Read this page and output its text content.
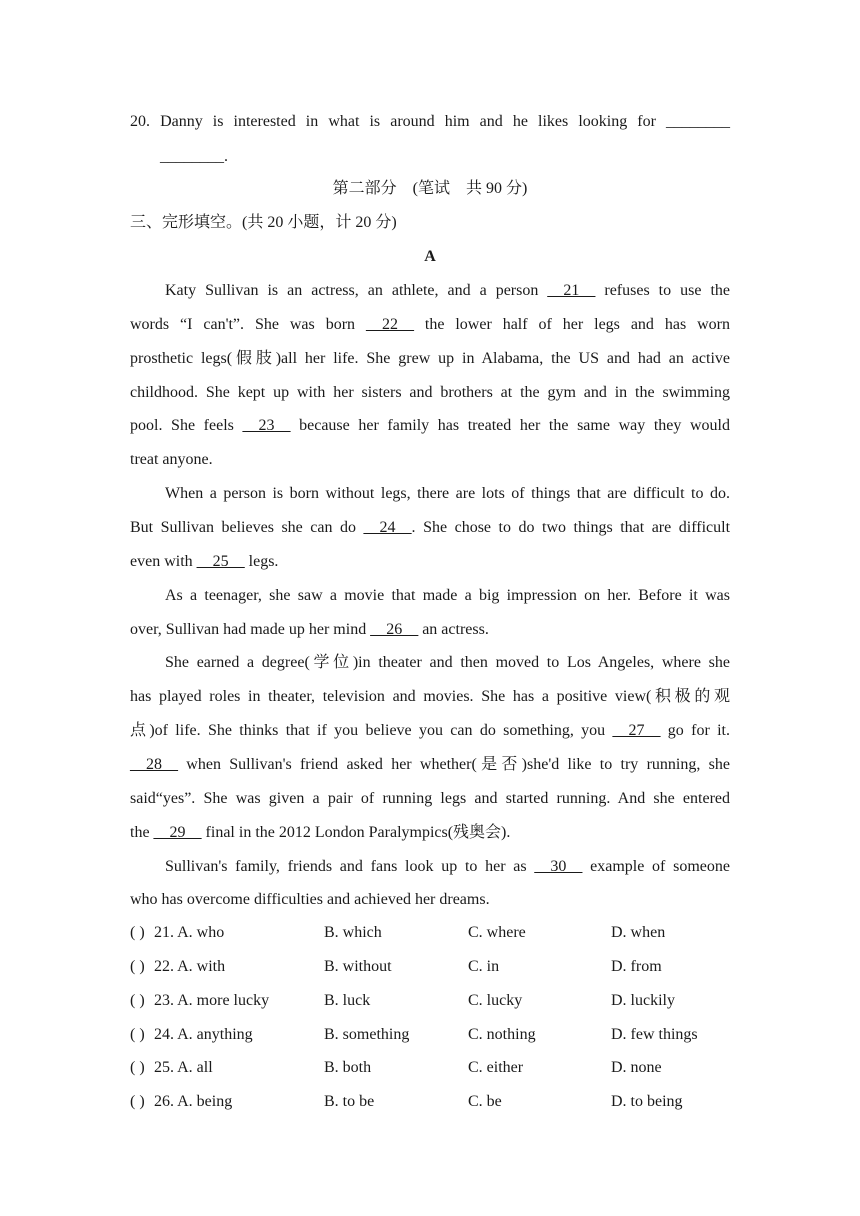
20. Danny is interested in what is around him and he likes looking for ________
________.
第二部分　(笔试　共 90 分)
三、完形填空。(共 20 小题，计 20 分)
A
Katy Sullivan is an actress, an athlete, and a person __21__ refuses to use the
words “I can't”. She was born __22__ the lower half of her legs and has worn
prosthetic legs(假肢)all her life. She grew up in Alabama, the US and had an active
childhood. She kept up with her sisters and brothers at the gym and in the swimming
pool. She feels __23__ because her family has treated her the same way they would
treat anyone.
When a person is born without legs, there are lots of things that are difficult to do.
But Sullivan believes she can do __24__. She chose to do two things that are difficult
even with __25__ legs.
As a teenager, she saw a movie that made a big impression on her. Before it was
over, Sullivan had made up her mind __26__ an actress.
She earned a degree(学位)in theater and then moved to Los Angeles, where she
has played roles in theater, television and movies. She has a positive view(积极的观
点)of life. She thinks that if you believe you can do something, you __27__ go for it.
__28__ when Sullivan's friend asked her whether(是否)she'd like to try running, she
said“yes”. She was given a pair of running legs and started running. And she entered
the __29__ final in the 2012 London Paralympics(残奥会).
Sullivan's family, friends and fans look up to her as __30__ example of someone
who has overcome difficulties and achieved her dreams.
( ) 21. A. who	B. which	C. where	D. when
( ) 22. A. with	B. without	C. in	D. from
( ) 23. A. more lucky	B. luck	C. lucky	D. luckily
( ) 24. A. anything	B. something	C. nothing	D. few things
( ) 25. A. all	B. both	C. either	D. none
( ) 26. A. being	B. to be	C. be	D. to being
